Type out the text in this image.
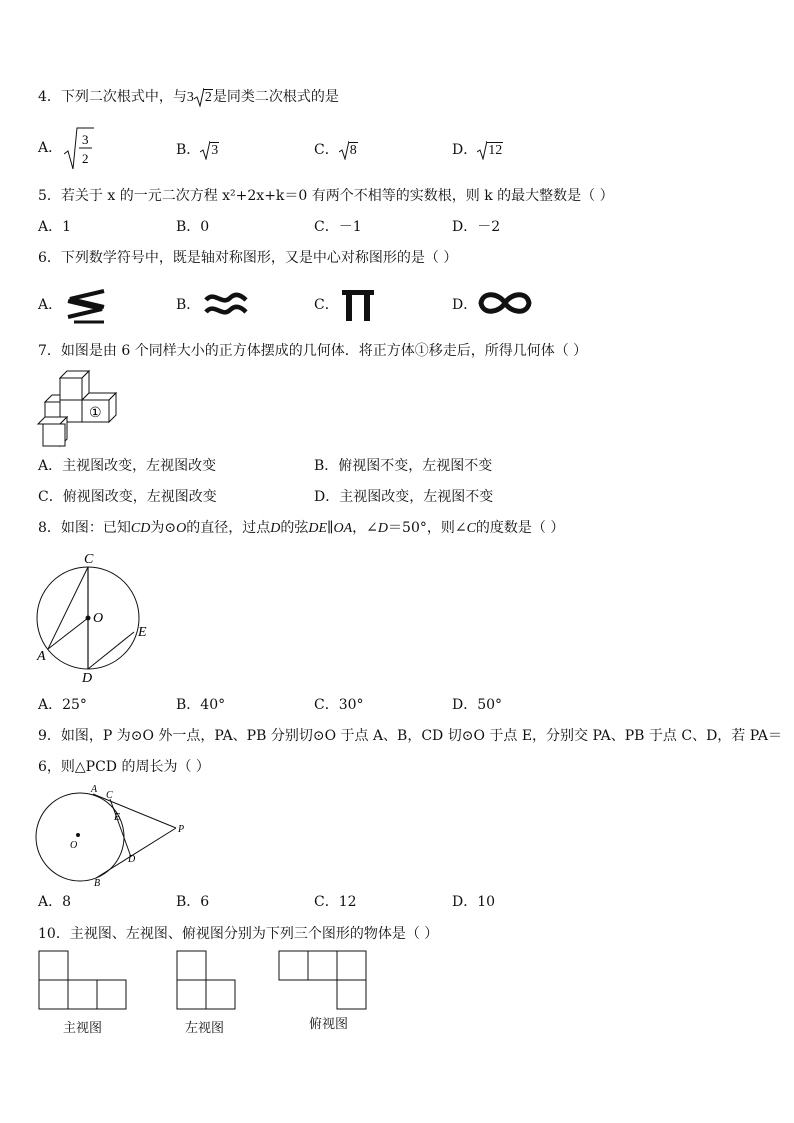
4．下列二次根式中，与3 2是同类二次根式的是
A．
3
2
B． 3	C． 8	D． 12
5．若关于 x 的一元二次方程 x²+2x+k＝0 有两个不相等的实数根，则 k 的最大整数是（ ）
A．1	B．0	C．－1	D．－2
6．下列数学符号中，既是轴对称图形，又是中心对称图形的是（ ）
A．	B．	C．	D．
7．如图是由 6 个同样大小的正方体摆成的几何体．将正方体①移走后，所得几何体（ ）
①
A．主视图改变，左视图改变	B．俯视图不变，左视图不变
C．俯视图改变，左视图改变	D．主视图改变，左视图不变
8．如图：已知CD为⊙O的直径，过点D的弦DE∥OA，∠D＝50°，则∠C的度数是（ ）
C
O
E
A
D
A．25°	B．40°	C．30°	D．50°
9．如图，P 为⊙O 外一点，PA、PB 分别切⊙O 于点 A、B，CD 切⊙O 于点 E，分别交 PA、PB 于点 C、D，若 PA＝
6，则△PCD 的周长为（ ）
A
C
E
O
P
D
B
A．8	B．6	C．12	D．10
10．主视图、左视图、俯视图分别为下列三个图形的物体是（ ）
主视图	左视图	俯视图
